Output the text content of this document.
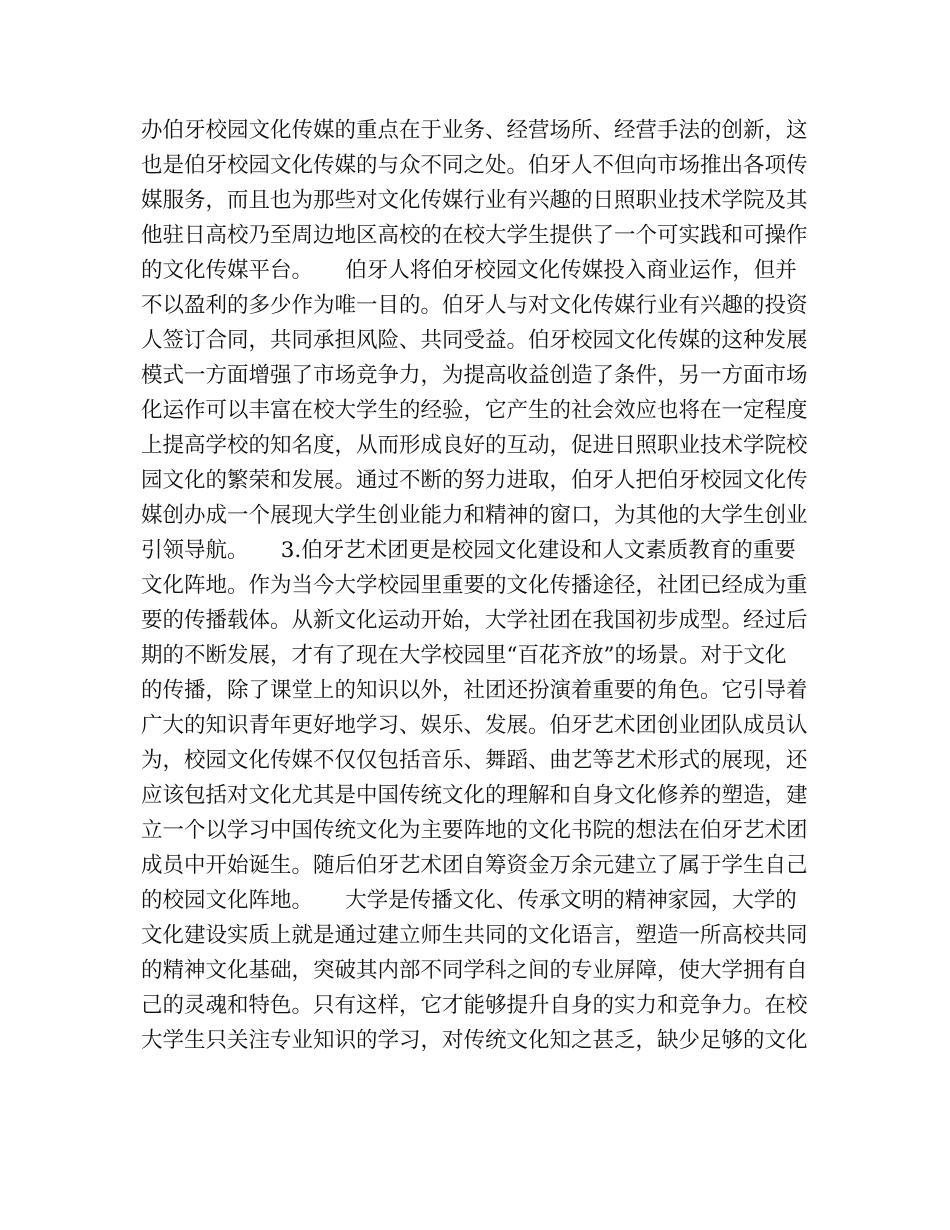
办伯牙校园文化传媒的重点在于业务、经营场所、经营手法的创新，这
也是伯牙校园文化传媒的与众不同之处。伯牙人不但向市场推出各项传
媒服务，而且也为那些对文化传媒行业有兴趣的日照职业技术学院及其
他驻日高校乃至周边地区高校的在校大学生提供了一个可实践和可操作
的文化传媒平台。　　伯牙人将伯牙校园文化传媒投入商业运作，但并
不以盈利的多少作为唯一目的。伯牙人与对文化传媒行业有兴趣的投资
人签订合同，共同承担风险、共同受益。伯牙校园文化传媒的这种发展
模式一方面增强了市场竞争力，为提高收益创造了条件，另一方面市场
化运作可以丰富在校大学生的经验，它产生的社会效应也将在一定程度
上提高学校的知名度，从而形成良好的互动，促进日照职业技术学院校
园文化的繁荣和发展。通过不断的努力进取，伯牙人把伯牙校园文化传
媒创办成一个展现大学生创业能力和精神的窗口，为其他的大学生创业
引领导航。　　3.伯牙艺术团更是校园文化建设和人文素质教育的重要
文化阵地。作为当今大学校园里重要的文化传播途径，社团已经成为重
要的传播载体。从新文化运动开始，大学社团在我国初步成型。经过后
期的不断发展，才有了现在大学校园里“百花齐放”的场景。对于文化
的传播，除了课堂上的知识以外，社团还扮演着重要的角色。它引导着
广大的知识青年更好地学习、娱乐、发展。伯牙艺术团创业团队成员认
为，校园文化传媒不仅仅包括音乐、舞蹈、曲艺等艺术形式的展现，还
应该包括对文化尤其是中国传统文化的理解和自身文化修养的塑造，建
立一个以学习中国传统文化为主要阵地的文化书院的想法在伯牙艺术团
成员中开始诞生。随后伯牙艺术团自筹资金万余元建立了属于学生自己
的校园文化阵地。　　大学是传播文化、传承文明的精神家园，大学的
文化建设实质上就是通过建立师生共同的文化语言，塑造一所高校共同
的精神文化基础，突破其内部不同学科之间的专业屏障，使大学拥有自
己的灵魂和特色。只有这样，它才能够提升自身的实力和竞争力。在校
大学生只关注专业知识的学习，对传统文化知之甚乏，缺少足够的文化
